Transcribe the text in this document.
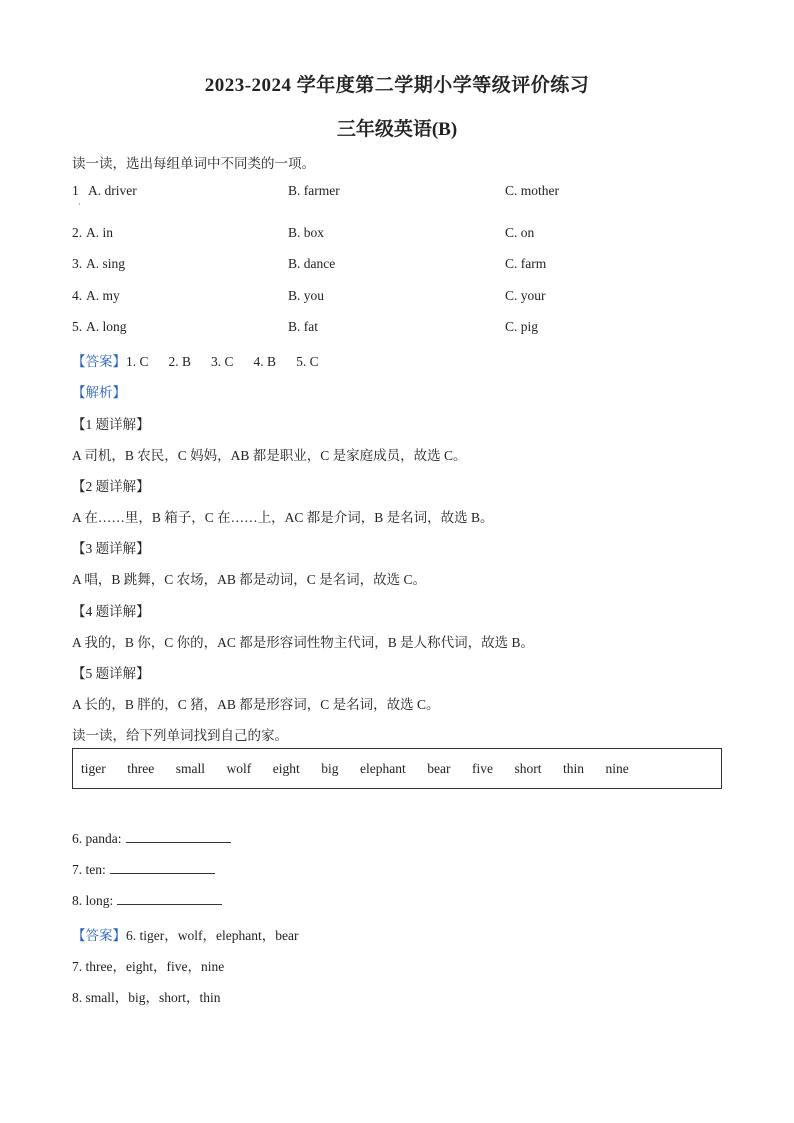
2023-2024 学年度第二学期小学等级评价练习
三年级英语(B)
读一读，选出每组单词中不同类的一项。
1
·
A. driver	B. farmer	C. mother
2. A. in	B. box	C. on
3. A. sing	B. dance	C. farm
4. A. my	B. you	C. your
5. A. long	B. fat	C. pig
【答案】1. C 2. B 3. C 4. B 5. C
【解析】
【1 题详解】
A 司机，B 农民，C 妈妈，AB 都是职业，C 是家庭成员，故选 C。
【2 题详解】
A 在……里，B 箱子，C 在……上，AC 都是介词，B 是名词，故选 B。
【3 题详解】
A 唱，B 跳舞，C 农场，AB 都是动词，C 是名词，故选 C。
【4 题详解】
A 我的，B 你，C 你的，AC 都是形容词性物主代词，B 是人称代词，故选 B。
【5 题详解】
A 长的，B 胖的，C 猪，AB 都是形容词，C 是名词，故选 C。
读一读，给下列单词找到自己的家。
tiger three small wolf eight big elephant bear five short thin nine
6. panda:
7. ten:
8. long:
【答案】6. tiger，wolf，elephant，bear
7. three，eight，five，nine
8. small，big，short，thin
